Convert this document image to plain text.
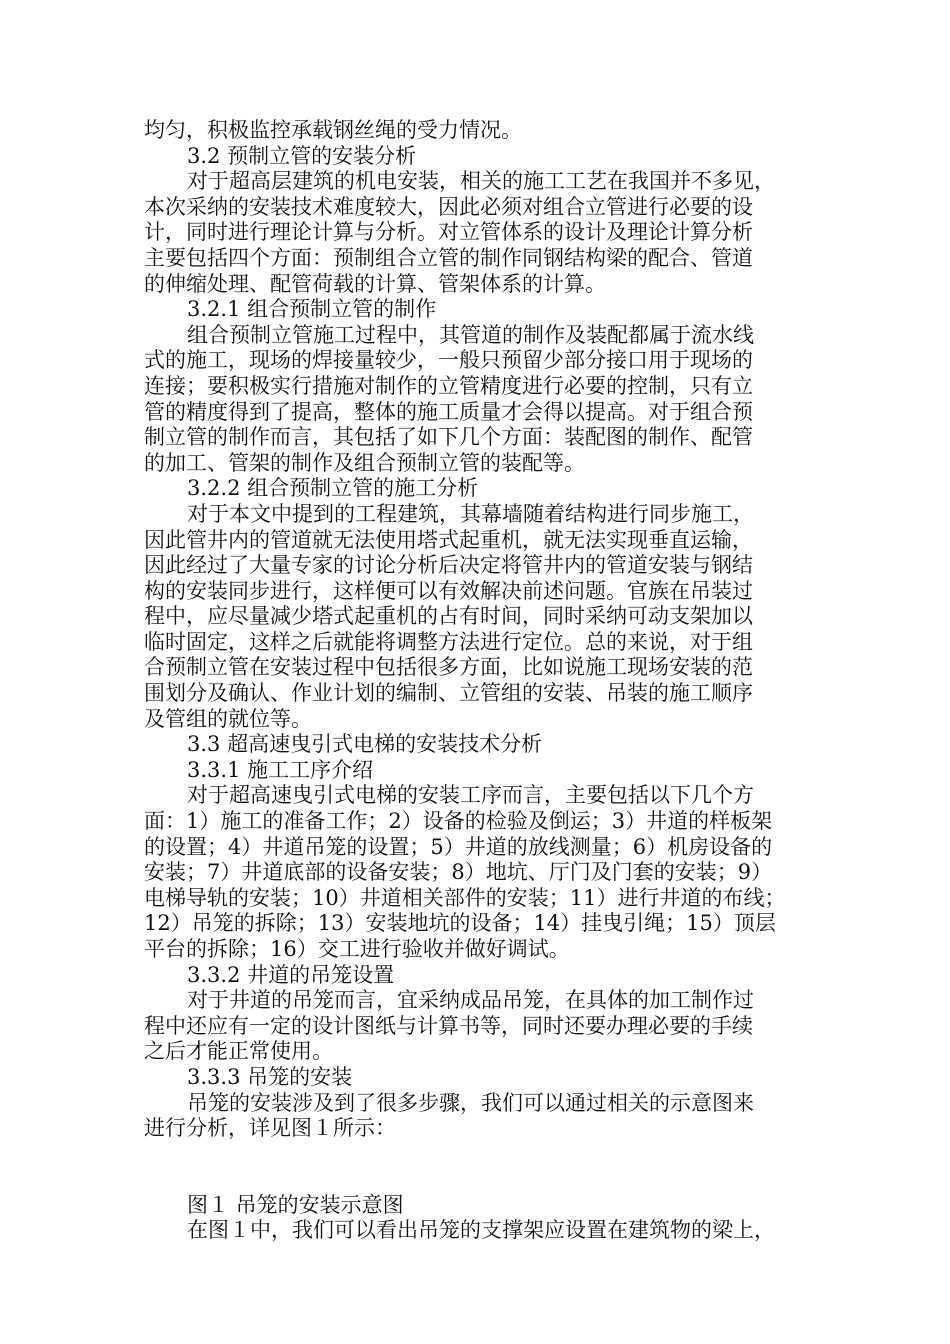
均匀，积极监控承载钢丝绳的受力情况。
3.2 预制立管的安装分析
对于超高层建筑的机电安装，相关的施工工艺在我国并不多见，
本次采纳的安装技术难度较大，因此必须对组合立管进行必要的设
计，同时进行理论计算与分析。对立管体系的设计及理论计算分析
主要包括四个方面：预制组合立管的制作同钢结构梁的配合、管道
的伸缩处理、配管荷载的计算、管架体系的计算。
3.2.1 组合预制立管的制作
组合预制立管施工过程中，其管道的制作及装配都属于流水线
式的施工，现场的焊接量较少，一般只预留少部分接口用于现场的
连接；要积极实行措施对制作的立管精度进行必要的控制，只有立
管的精度得到了提高，整体的施工质量才会得以提高。对于组合预
制立管的制作而言，其包括了如下几个方面：装配图的制作、配管
的加工、管架的制作及组合预制立管的装配等。
3.2.2 组合预制立管的施工分析
对于本文中提到的工程建筑，其幕墙随着结构进行同步施工，
因此管井内的管道就无法使用塔式起重机，就无法实现垂直运输，
因此经过了大量专家的讨论分析后决定将管井内的管道安装与钢结
构的安装同步进行，这样便可以有效解决前述问题。官族在吊装过
程中，应尽量减少塔式起重机的占有时间，同时采纳可动支架加以
临时固定，这样之后就能将调整方法进行定位。总的来说，对于组
合预制立管在安装过程中包括很多方面，比如说施工现场安装的范
围划分及确认、作业计划的编制、立管组的安装、吊装的施工顺序
及管组的就位等。
3.3 超高速曳引式电梯的安装技术分析
3.3.1 施工工序介绍
对于超高速曳引式电梯的安装工序而言，主要包括以下几个方
面：1）施工的准备工作；2）设备的检验及倒运；3）井道的样板架
的设置；4）井道吊笼的设置；5）井道的放线测量；6）机房设备的
安装；7）井道底部的设备安装；8）地坑、厅门及门套的安装；9）
电梯导轨的安装；10）井道相关部件的安装；11）进行井道的布线；
12）吊笼的拆除；13）安装地坑的设备；14）挂曳引绳；15）顶层
平台的拆除；16）交工进行验收并做好调试。
3.3.2 井道的吊笼设置
对于井道的吊笼而言，宜采纳成品吊笼，在具体的加工制作过
程中还应有一定的设计图纸与计算书等，同时还要办理必要的手续
之后才能正常使用。
3.3.3 吊笼的安装
吊笼的安装涉及到了很多步骤，我们可以通过相关的示意图来
进行分析，详见图１所示：
图１ 吊笼的安装示意图
在图１中，我们可以看出吊笼的支撑架应设置在建筑物的梁上，
